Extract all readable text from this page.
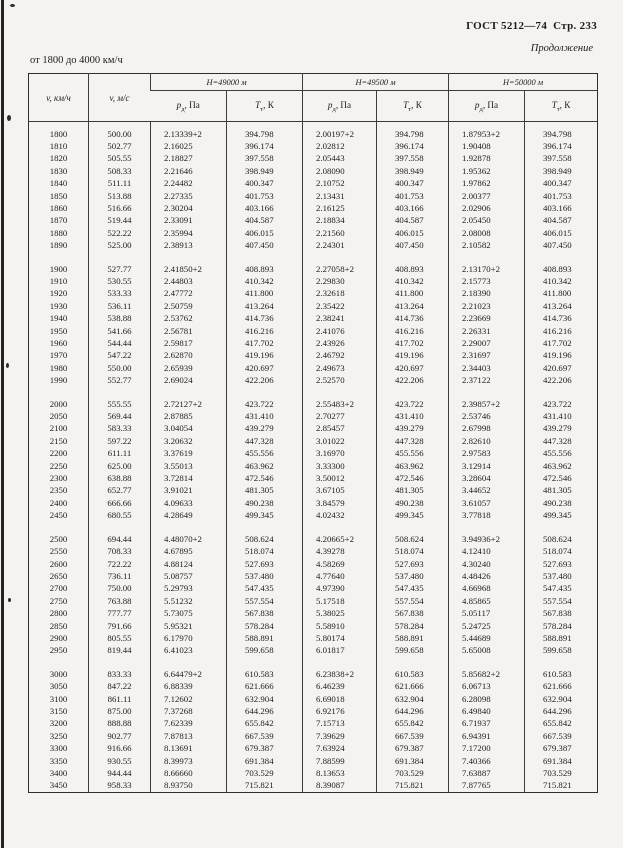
ГОСТ 5212—74 Стр. 233
Продолжение
от 1800 до 4000 км/ч
v, км/ч	v, м/с	Н=49000 м		Н=49500 м		Н=50000 м	
		$р_д$, Па	$Т_т$, К	$р_д$, Па	$Т_т$, К	$р_д$, Па	$Т_т$, К

1800	500.00	2.13339+2	394.798	2.00197+2	394.798	1.87953+2	394.798
1810	502.77	2.16025	396.174	2.02812	396.174	1.90408	396.174
1820	505.55	2.18827	397.558	2.05443	397.558	1.92878	397.558
1830	508.33	2.21646	398.949	2.08090	398.949	1.95362	398.949
1840	511.11	2.24482	400.347	2.10752	400.347	1.97862	400.347
1850	513.88	2.27335	401.753	2.13431	401.753	2.00377	401.753
1860	516.66	2.30204	403.166	2.16125	403.166	2.02906	403.166
1870	519.44	2.33091	404.587	2.18834	404.587	2.05450	404.587
1880	522.22	2.35994	406.015	2.21560	406.015	2.08008	406.015
1890	525.00	2.38913	407.450	2.24301	407.450	2.10582	407.450

1900	527.77	2.41850+2	408.893	2.27058+2	408.893	2.13170+2	408.893
1910	530.55	2.44803	410.342	2.29830	410.342	2.15773	410.342
1920	533.33	2.47772	411.800	2.32618	411.800	2.18390	411.800
1930	536.11	2.50759	413.264	2.35422	413.264	2.21023	413.264
1940	538.88	2.53762	414.736	2.38241	414.736	2.23669	414.736
1950	541.66	2.56781	416.216	2.41076	416.216	2.26331	416.216
1960	544.44	2.59817	417.702	2.43926	417.702	2.29007	417.702
1970	547.22	2.62870	419.196	2.46792	419.196	2.31697	419.196
1980	550.00	2.65939	420.697	2.49673	420.697	2.34403	420.697
1990	552.77	2.69024	422.206	2.52570	422.206	2.37122	422.206

2000	555.55	2.72127+2	423.722	2.55483+2	423.722	2.39857+2	423.722
2050	569.44	2.87885	431.410	2.70277	431.410	2.53746	431.410
2100	583.33	3.04054	439.279	2.85457	439.279	2.67998	439.279
2150	597.22	3.20632	447.328	3.01022	447.328	2.82610	447.328
2200	611.11	3.37619	455.556	3.16970	455.556	2.97583	455.556
2250	625.00	3.55013	463.962	3.33300	463.962	3.12914	463.962
2300	638.88	3.72814	472.546	3.50012	472.546	3.28604	472.546
2350	652.77	3.91021	481.305	3.67105	481.305	3.44652	481.305
2400	666.66	4.09633	490.238	3.84579	490.238	3.61057	490.238
2450	680.55	4.28649	499.345	4.02432	499.345	3.77818	499.345

2500	694.44	4.48070+2	508.624	4.20665+2	508.624	3.94936+2	508.624
2550	708.33	4.67895	518.074	4.39278	518.074	4.12410	518.074
2600	722.22	4.88124	527.693	4.58269	527.693	4.30240	527.693
2650	736.11	5.08757	537.480	4.77640	537.480	4.48426	537.480
2700	750.00	5.29793	547.435	4.97390	547.435	4.66968	547.435
2750	763.88	5.51232	557.554	5.17518	557.554	4.85865	557.554
2800	777.77	5.73075	567.838	5.38025	567.838	5.05117	567.838
2850	791.66	5.95321	578.284	5.58910	578.284	5.24725	578.284
2900	805.55	6.17970	588.891	5.80174	588.891	5.44689	588.891
2950	819.44	6.41023	599.658	6.01817	599.658	5.65008	599.658

3000	833.33	6.64479+2	610.583	6.23838+2	610.583	5.85682+2	610.583
3050	847.22	6.88339	621.666	6.46239	621.666	6.06713	621.666
3100	861.11	7.12602	632.904	6.69018	632.904	6.28098	632.904
3150	875.00	7.37268	644.296	6.92176	644.296	6.49840	644.296
3200	888.88	7.62339	655.842	7.15713	655.842	6.71937	655.842
3250	902.77	7.87813	667.539	7.39629	667.539	6.94391	667.539
3300	916.66	8.13691	679.387	7.63924	679.387	7.17200	679.387
3350	930.55	8.39973	691.384	7.88599	691.384	7.40366	691.384
3400	944.44	8.66660	703.529	8.13653	703.529	7.63887	703.529
3450	958.33	8.93750	715.821	8.39087	715.821	7.87765	715.821
